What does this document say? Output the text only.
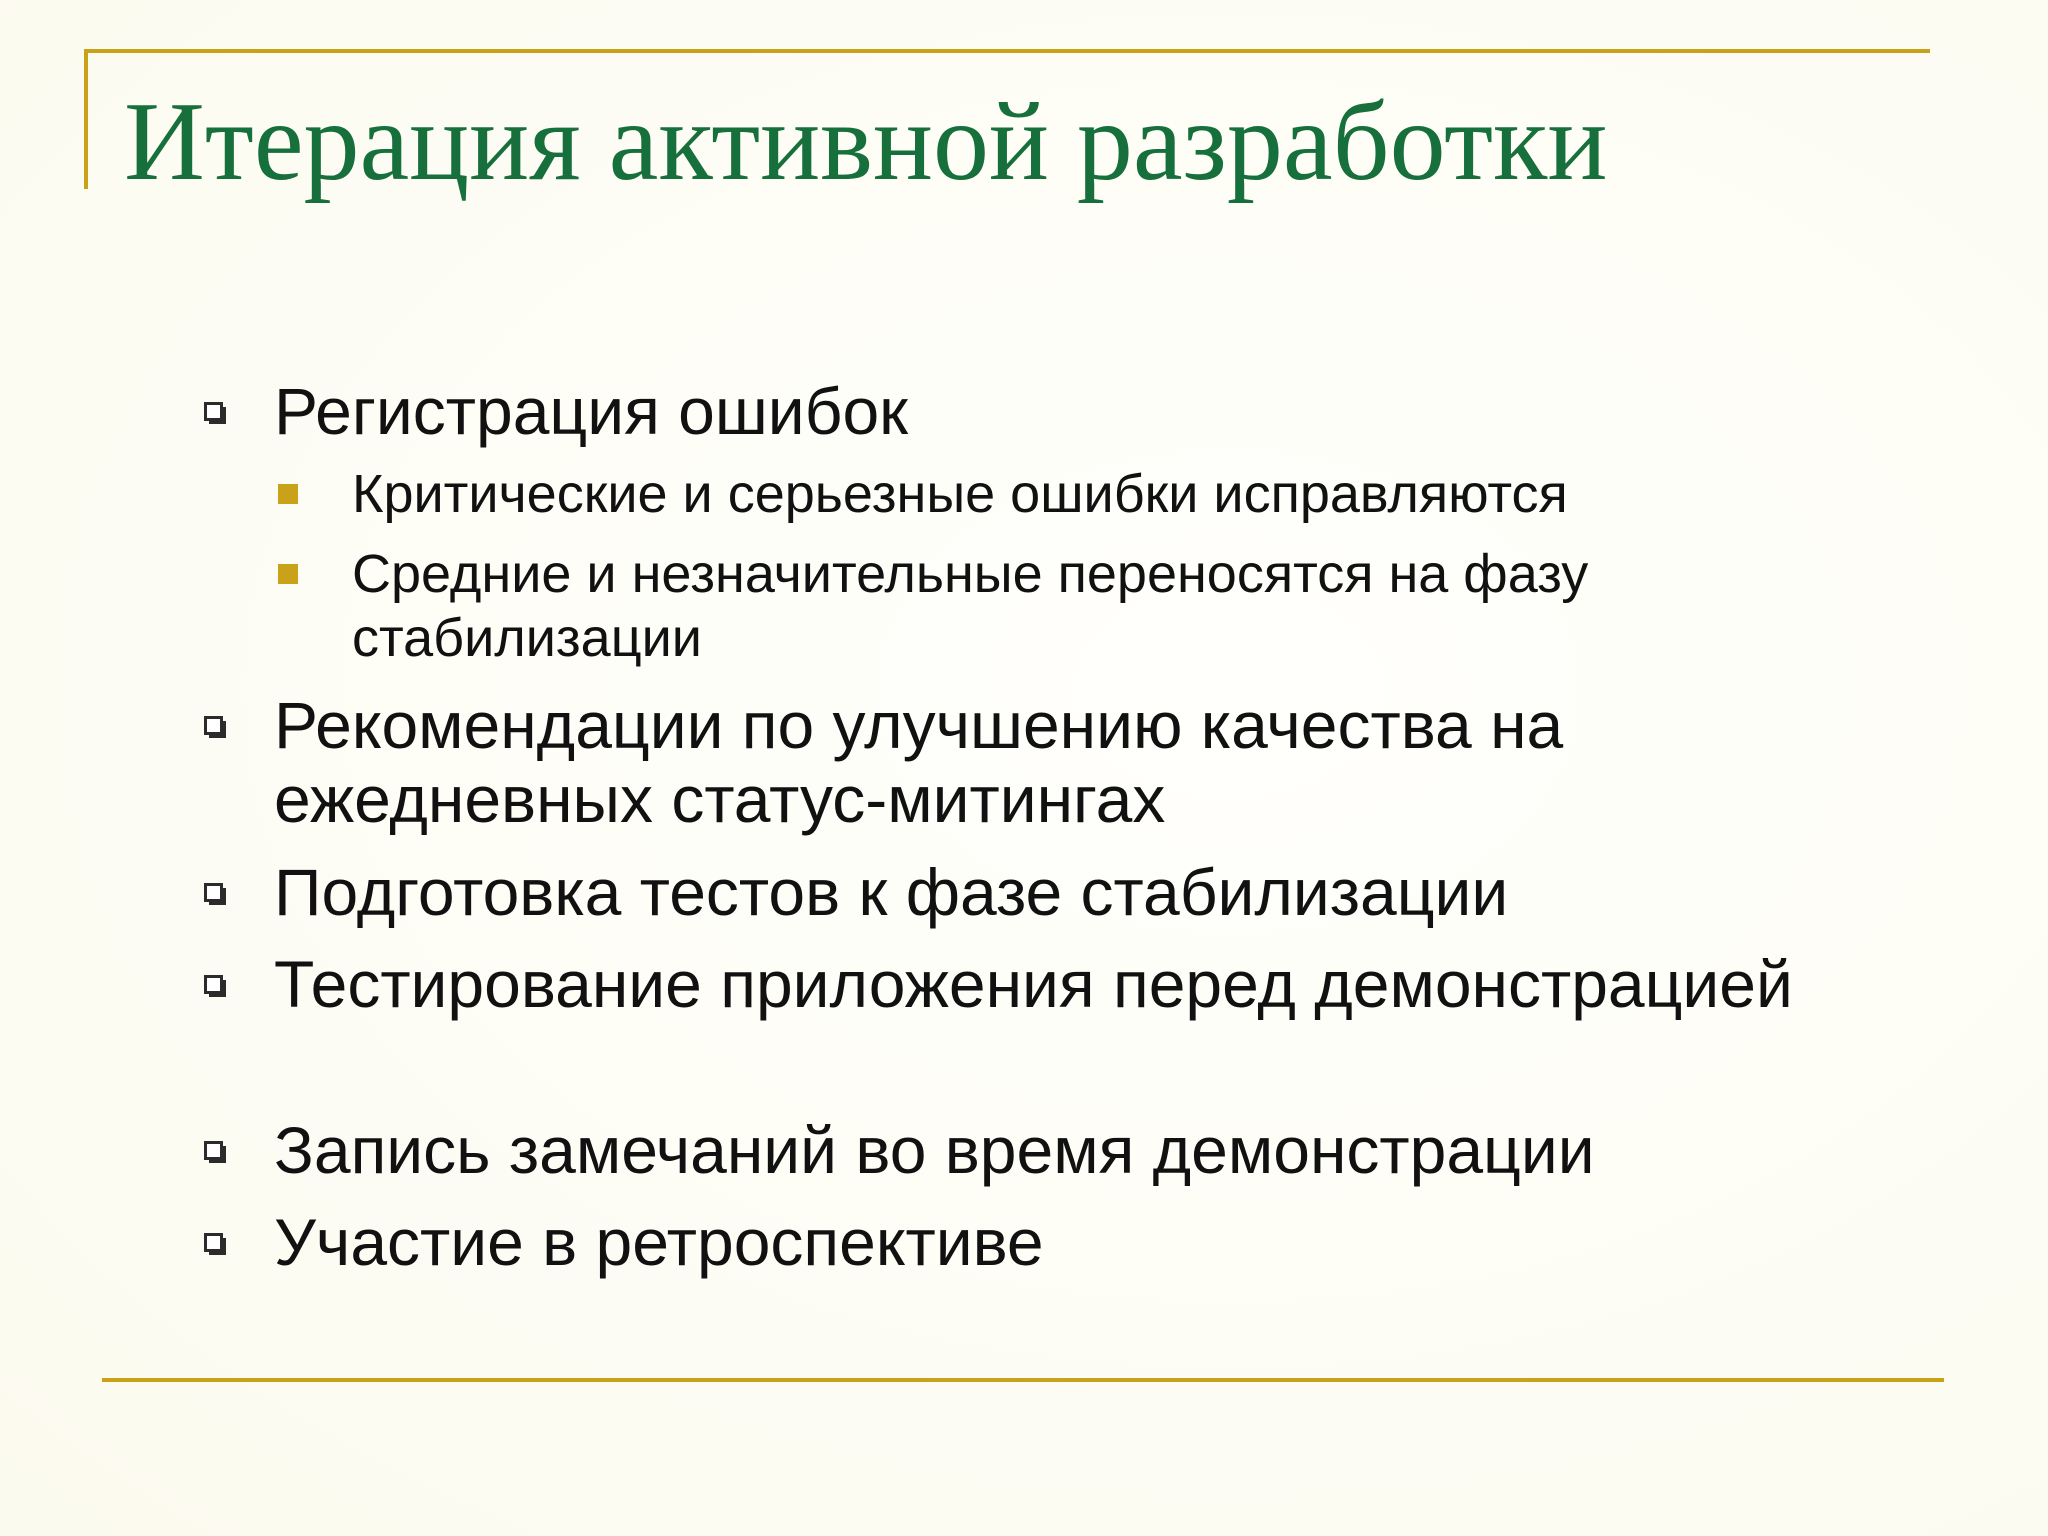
Итерация активной разработки

Регистрация ошибок

Критические и серьезные ошибки исправляются

Средние и незначительные переносятся на фазу стабилизации

Рекомендации по улучшению качества на ежедневных статус-митингах

Подготовка тестов к фазе стабилизации

Тестирование приложения перед демонстрацией

Запись замечаний во время демонстрации

Участие в ретроспективе
